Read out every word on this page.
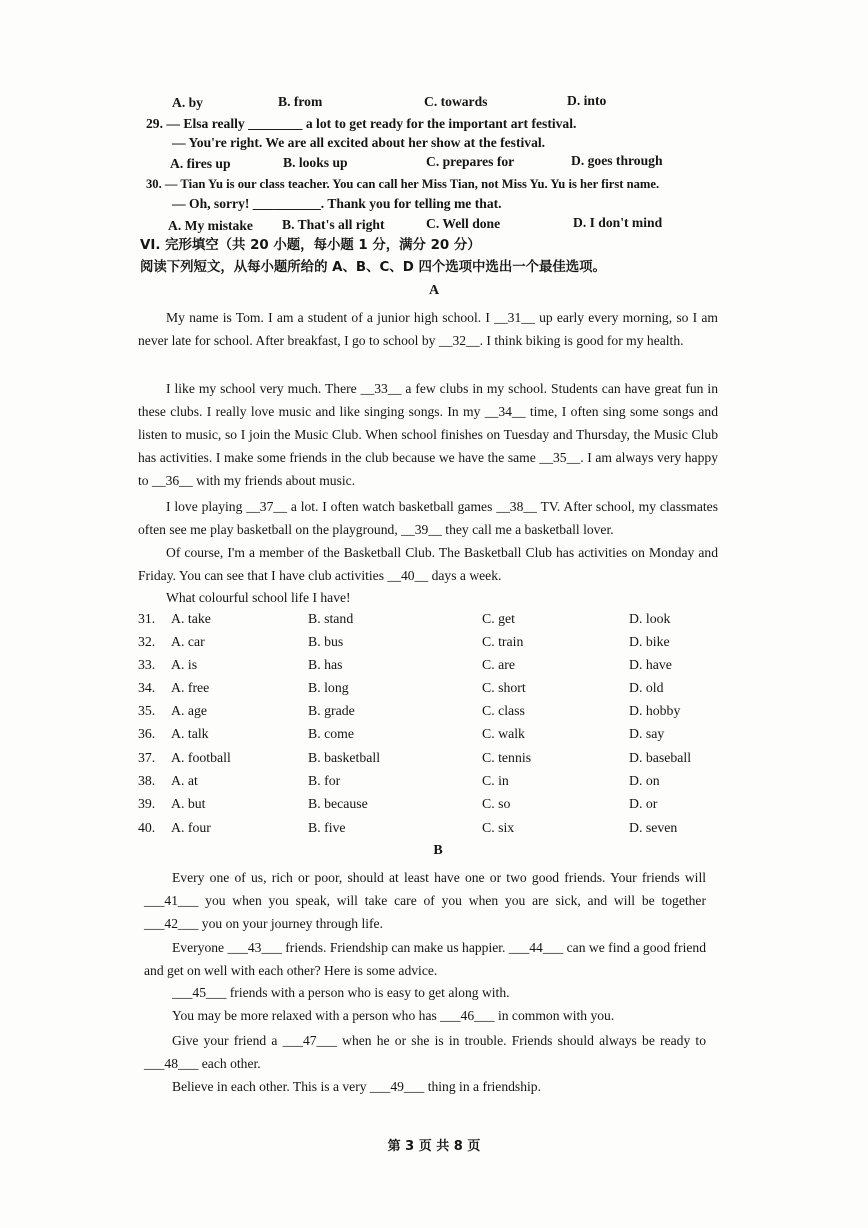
A. by	B. from	C. towards	D. into
29. — Elsa really ________ a lot to get ready for the important art festival.
— You're right. We are all excited about her show at the festival.
A. fires up	B. looks up	C. prepares for	D. goes through
30. — Tian Yu is our class teacher. You can call her Miss Tian, not Miss Yu. Yu is her first name.
— Oh, sorry! __________. Thank you for telling me that.
A. My mistake B. That's all right	C. Well done	D. I don't mind
VI. 完形填空（共 20 小题，每小题 1 分，满分 20 分）
阅读下列短文，从每小题所给的 A、B、C、D 四个选项中选出一个最佳选项。
A
My name is Tom. I am a student of a junior high school. I __31__ up early every morning, so I am never late for school. After breakfast, I go to school by __32__. I think biking is good for my health.
I like my school very much. There __33__ a few clubs in my school. Students can have great fun in these clubs. I really love music and like singing songs. In my __34__ time, I often sing some songs and listen to music, so I join the Music Club. When school finishes on Tuesday and Thursday, the Music Club has activities. I make some friends in the club because we have the same __35__. I am always very happy to __36__ with my friends about music.
I love playing __37__ a lot. I often watch basketball games __38__ TV. After school, my classmates often see me play basketball on the playground, __39__ they call me a basketball lover.
Of course, I'm a member of the Basketball Club. The Basketball Club has activities on Monday and Friday. You can see that I have club activities __40__ days a week.
What colourful school life I have!
31. A. take	B. stand	C. get	D. look
32. A. car	B. bus	C. train	D. bike
33. A. is	B. has	C. are	D. have
34. A. free	B. long	C. short	D. old
35. A. age	B. grade	C. class	D. hobby
36. A. talk	B. come	C. walk	D. say
37. A. football	B. basketball	C. tennis	D. baseball
38. A. at	B. for	C. in	D. on
39. A. but	B. because	C. so	D. or
40. A. four	B. five	C. six	D. seven
B
Every one of us, rich or poor, should at least have one or two good friends. Your friends will ___41___ you when you speak, will take care of you when you are sick, and will be together ___42___ you on your journey through life.
Everyone ___43___ friends. Friendship can make us happier. ___44___ can we find a good friend and get on well with each other? Here is some advice.
___45___ friends with a person who is easy to get along with.
You may be more relaxed with a person who has ___46___ in common with you.
Give your friend a ___47___ when he or she is in trouble. Friends should always be ready to ___48___ each other.
Believe in each other. This is a very ___49___ thing in a friendship.
第 3 页 共 8 页
